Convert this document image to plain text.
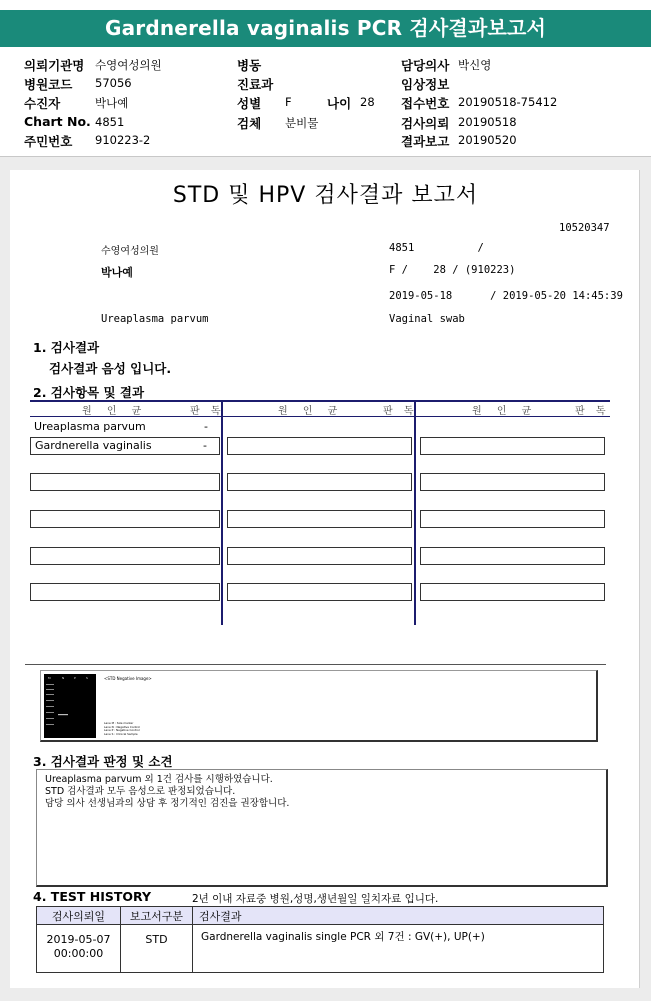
Gardnerella vaginalis PCR 검사결과보고서
의뢰기관명 수영여성의원
병원코드 57056
수진자	박나예
Chart No. 4851
주민번호 910223-2
병동
진료과
성별 F	나이 28
검체 분비물
담당의사 박신영
임상정보
접수번호 20190518-75412
검사의뢰 20190518
결과보고 20190520
STD 및 HPV 검사결과 보고서
10520347
수영여성의원	4851          /
박나예	F /    28 / (910223)
2019-05-18      / 2019-05-20 14:45:39
Ureaplasma parvum	Vaginal swab
1. 검사결과
검사결과 음성 입니다.
2. 검사항목 및 결과
원 인 균	판 독	원 인 균	판 독	원 인 균	판 독
Ureaplasma parvum	-
Gardnerella vaginalis	-
M	N	P	S	<STD Negative Image>
Lane M : Size marker
Lane N : Negative Control
Lane P : Negative Control
Lane S : Clinical Sample
3. 검사결과 판정 및 소견
Ureaplasma parvum 외 1건 검사를 시행하였습니다.
STD 검사결과 모두 음성으로 판정되었습니다.
담당 의사 선생님과의 상담 후 정기적인 검진을 권장합니다.
4. TEST HISTORY	2년 이내 자료중 병원,성명,생년월일 일치자료 입니다.
검사의뢰일	보고서구분	검사결과

2019-05-07
00:00:00	STD	Gardnerella vaginalis single PCR 외 7건 : GV(+), UP(+)
